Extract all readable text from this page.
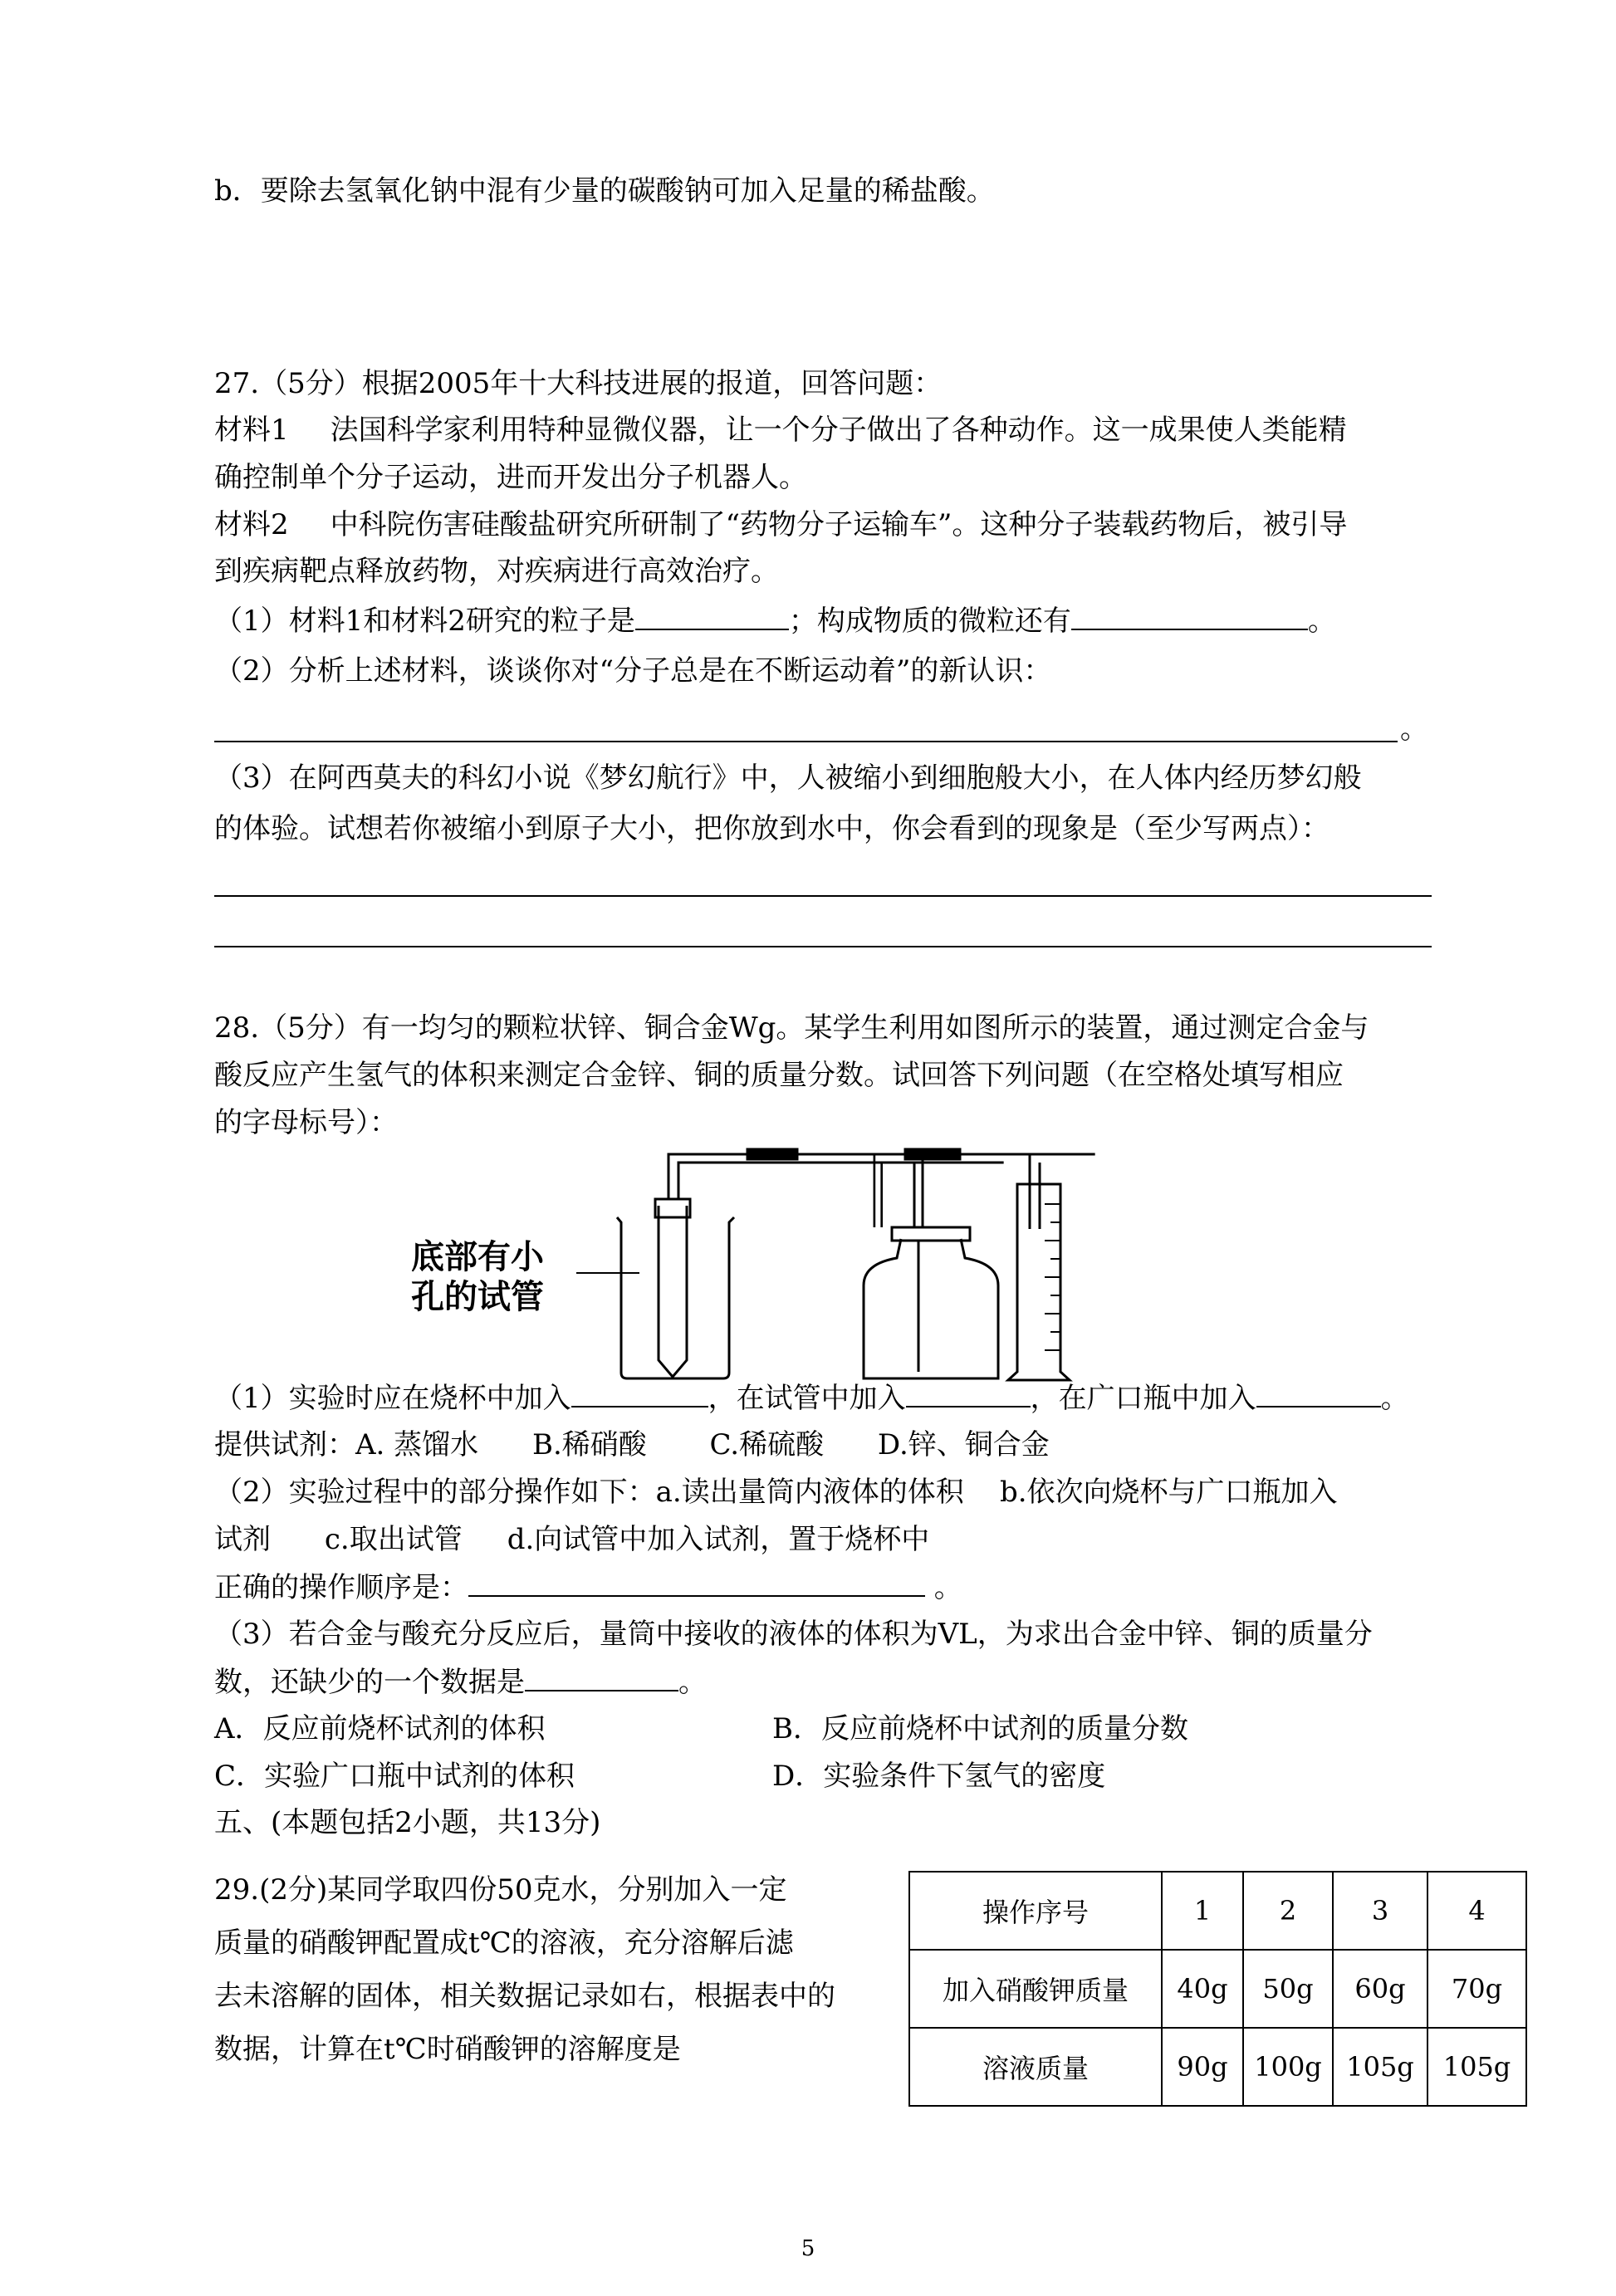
b．要除去氢氧化钠中混有少量的碳酸钠可加入足量的稀盐酸。
27.（5分）根据2005年十大科技进展的报道，回答问题：
材料1 法国科学家利用特种显微仪器，让一个分子做出了各种动作。这一成果使人类能精
确控制单个分子运动，进而开发出分子机器人。
材料2 中科院伤害硅酸盐研究所研制了“药物分子运输车”。这种分子装载药物后，被引导
到疾病靶点释放药物，对疾病进行高效治疗。
（1）材料1和材料2研究的粒子是	；构成物质的微粒还有	。
（2）分析上述材料，谈谈你对“分子总是在不断运动着”的新认识：
。
（3）在阿西莫夫的科幻小说《梦幻航行》中，人被缩小到细胞般大小，在人体内经历梦幻般
的体验。试想若你被缩小到原子大小，把你放到水中，你会看到的现象是（至少写两点）：
28.（5分）有一均匀的颗粒状锌、铜合金Wg。某学生利用如图所示的装置，通过测定合金与
酸反应产生氢气的体积来测定合金锌、铜的质量分数。试回答下列问题（在空格处填写相应
的字母标号）：
底部有小
孔的试管
（1）实验时应在烧杯中加入	，在试管中加入	，在广口瓶中加入	。
提供试剂：A. 蒸馏水      B.稀硝酸       C.稀硫酸      D.锌、铜合金
（2）实验过程中的部分操作如下：a.读出量筒内液体的体积    b.依次向烧杯与广口瓶加入
试剂      c.取出试管     d.向试管中加入试剂，置于烧杯中
正确的操作顺序是：	。
（3）若合金与酸充分反应后，量筒中接收的液体的体积为VL，为求出合金中锌、铜的质量分
数，还缺少的一个数据是	。
A．反应前烧杯试剂的体积	B．反应前烧杯中试剂的质量分数
C．实验广口瓶中试剂的体积	D．实验条件下氢气的密度
五、(本题包括2小题，共13分)
29.(2分)某同学取四份50克水，分别加入一定
质量的硝酸钾配置成t℃的溶液，充分溶解后滤
去未溶解的固体，相关数据记录如右，根据表中的
数据，计算在t℃时硝酸钾的溶解度是
操作序号	1	2	3	4
加入硝酸钾质量	40g	50g	60g	70g
溶液质量	90g	100g	105g	105g
5
